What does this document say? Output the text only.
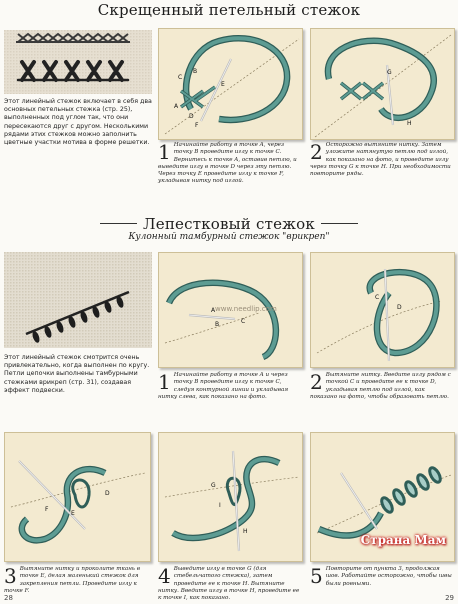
Скрещенный петельный стежок
Этот линейный стежок включает в себя два основных петельных стежка (стр. 25), выполненных под углом так, что они пересекаются друг с другом. Несколькими рядами этих стежков можно заполнить цветные участки мотива в форме решетки.
C
B
E
A
D
F
1 Начинайте работу в точке A, через точку B проведите иглу к точке C. Вернитесь к точке A, оставив петлю, и выведите иглу в точке D через эту петлю. Через точку E проведите иглу к точке F, укладывая нитку под иглой.
G
H
2 Осторожно вытяните нитку. Затем уложите натянутую петлю под иглой, как показано на фото, и проведите иглу через точку G к точке H. При необходимости повторите ряды.
Лепестковый стежок
Кулонный тамбурный стежок "врикреп"
Этот линейный стежок смотрится очень привлекательно, когда выполнен по кругу. Петли цепочки выполнены тамбурными стежками врикреп (стр. 31), создавая эффект подвески.
A
B	C
www.needlip.com
1 Начинайте работу в точке A и через точку B проведите иглу к точке C, следуя контурной линии и укладывая нитку слева, как показано на фото.
C
D
2 Вытяните нитку. Введите иглу рядом с точкой C и проведите ее к точке D, укладывая петлю под иглой, как показано на фото, чтобы образовать петлю.
F
E
D
3 Вытяните нитку и проколите ткань в точке E, делая маленький стежок для закрепления петли. Проведите иглу к точке F.
G
H
I
4 Выведите иглу в точке G (для стебельчатого стежка), затем проведите ее к точке H. Вытяните нитку. Введите иглу в точке H, проведите ее к точке I, как показано.
Страна Мам
5 Повторите от пункта 3, продолжая шов. Работайте осторожно, чтобы швы были ровными.
28	29
